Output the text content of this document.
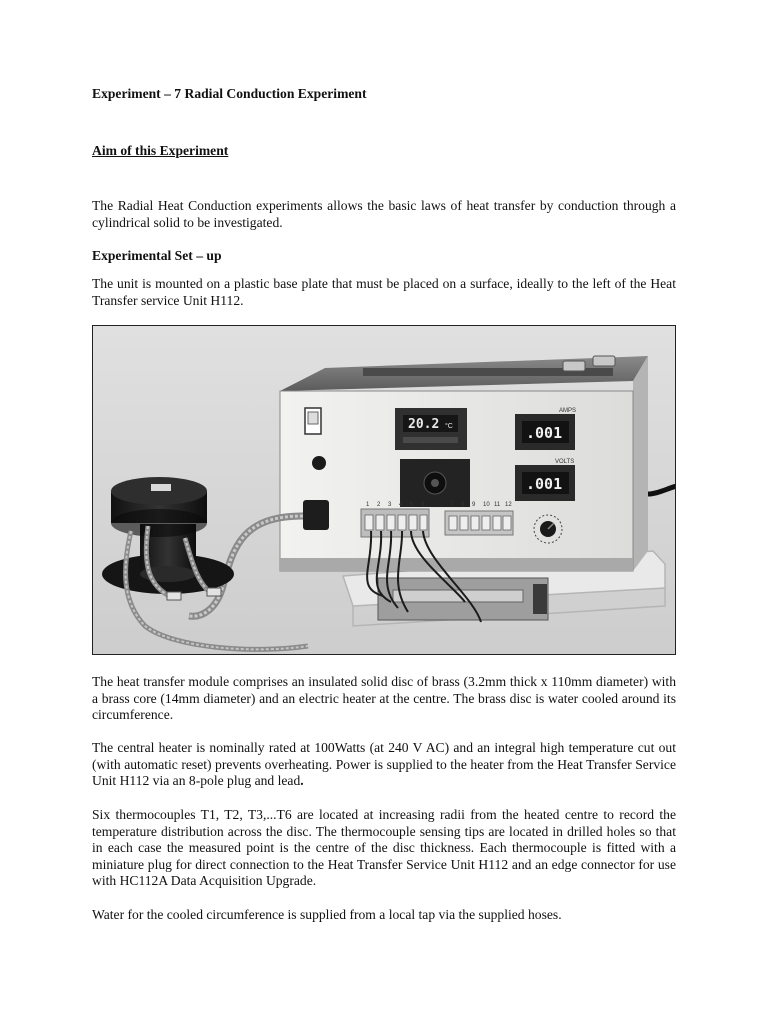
Experiment – 7 Radial Conduction Experiment
Aim of this Experiment
The Radial Heat Conduction experiments allows the basic laws of heat transfer by conduction through a cylindrical solid to be investigated.
Experimental Set – up
The unit is mounted on a plastic base plate that must be placed on a surface, ideally to the left of the Heat Transfer service Unit H112.
20.2 °C
AMPS
.001
VOLTS
.001
1 2 3 4 5 6	7 8 9 10 11 12
The heat transfer module comprises an insulated solid disc of brass (3.2mm thick x 110mm diameter) with a brass core (14mm diameter) and an electric heater at the centre. The brass disc is water cooled around its circumference.
The central heater is nominally rated at 100Watts (at 240 V AC) and an integral high temperature cut out (with automatic reset) prevents overheating. Power is supplied to the heater from the Heat Transfer Service Unit H112 via an 8-pole plug and lead.
Six thermocouples T1, T2, T3,...T6 are located at increasing radii from the heated centre to record the temperature distribution across the disc. The thermocouple sensing tips are located in drilled holes so that in each case the measured point is the centre of the disc thickness. Each thermocouple is fitted with a miniature plug for direct connection to the Heat Transfer Service Unit H112 and an edge connector for use with HC112A Data Acquisition Upgrade.
Water for the cooled circumference is supplied from a local tap via the supplied hoses.
